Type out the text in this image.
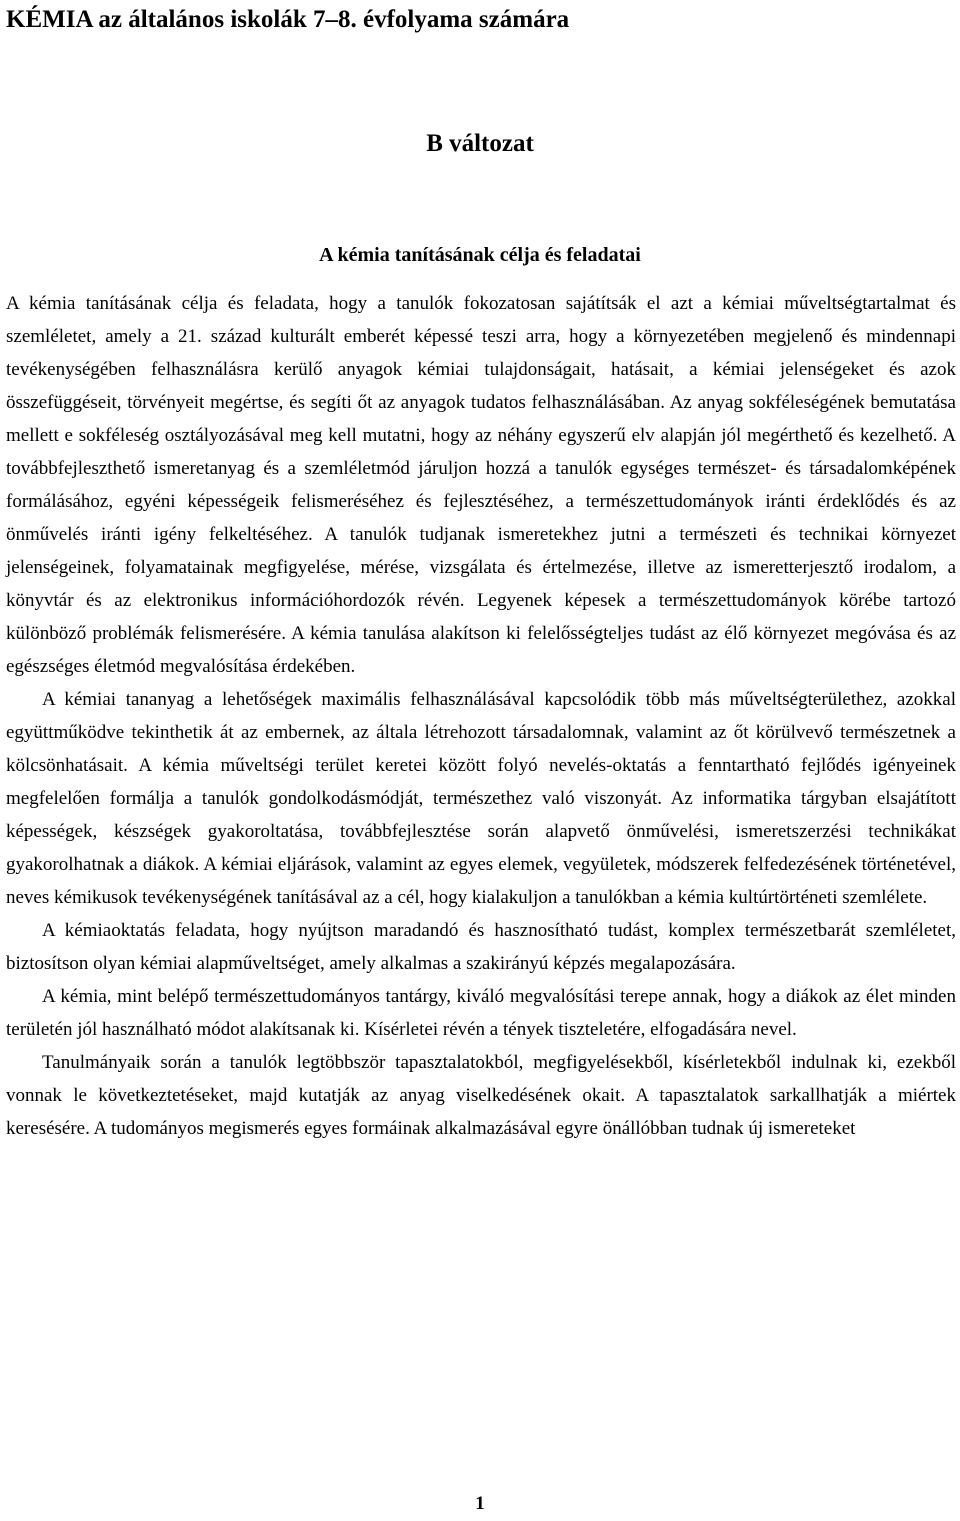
KÉMIA az általános iskolák 7–8. évfolyama számára
B változat
A kémia tanításának célja és feladatai

A kémia tanításának célja és feladata, hogy a tanulók fokozatosan sajátítsák el azt a kémiai műveltségtartalmat és szemléletet, amely a 21. század kulturált emberét képessé teszi arra, hogy a környezetében megjelenő és mindennapi tevékenységében felhasználásra kerülő anyagok kémiai tulajdonságait, hatásait, a kémiai jelenségeket és azok összefüggéseit, törvényeit megértse, és segíti őt az anyagok tudatos felhasználásában. Az anyag sokféleségének bemutatása mellett e sokféleség osztályozásával meg kell mutatni, hogy az néhány egyszerű elv alapján jól megérthető és kezelhető. A továbbfejleszthető ismeretanyag és a szemléletmód járuljon hozzá a tanulók egységes természet- és társadalomképének formálásához, egyéni képességeik felismeréséhez és fejlesztéséhez, a természettudományok iránti érdeklődés és az önművelés iránti igény felkeltéséhez. A tanulók tudjanak ismeretekhez jutni a természeti és technikai környezet jelenségeinek, folyamatainak megfigyelése, mérése, vizsgálata és értelmezése, illetve az ismeretterjesztő irodalom, a könyvtár és az elektronikus információhordozók révén. Legyenek képesek a természettudományok körébe tartozó különböző problémák felismerésére. A kémia tanulása alakítson ki felelősségteljes tudást az élő környezet megóvása és az egészséges életmód megvalósítása érdekében.

A kémiai tananyag a lehetőségek maximális felhasználásával kapcsolódik több más műveltségterülethez, azokkal együttműködve tekinthetik át az embernek, az általa létrehozott társadalomnak, valamint az őt körülvevő természetnek a kölcsönhatásait. A kémia műveltségi terület keretei között folyó nevelés-oktatás a fenntartható fejlődés igényeinek megfelelően formálja a tanulók gondolkodásmódját, természethez való viszonyát. Az informatika tárgyban elsajátított képességek, készségek gyakoroltatása, továbbfejlesztése során alapvető önművelési, ismeretszerzési technikákat gyakorolhatnak a diákok. A kémiai eljárások, valamint az egyes elemek, vegyületek, módszerek felfedezésének történetével, neves kémikusok tevékenységének tanításával az a cél, hogy kialakuljon a tanulókban a kémia kultúrtörténeti szemlélete.

A kémiaoktatás feladata, hogy nyújtson maradandó és hasznosítható tudást, komplex természetbarát szemléletet, biztosítson olyan kémiai alapműveltséget, amely alkalmas a szakirányú képzés megalapozására.

A kémia, mint belépő természettudományos tantárgy, kiváló megvalósítási terepe annak, hogy a diákok az élet minden területén jól használható módot alakítsanak ki. Kísérletei révén a tények tiszteletére, elfogadására nevel.

Tanulmányaik során a tanulók legtöbbször tapasztalatokból, megfigyelésekből, kísérletekből indulnak ki, ezekből vonnak le következtetéseket, majd kutatják az anyag viselkedésének okait. A tapasztalatok sarkallhatják a miértek keresésére. A tudományos megismerés egyes formáinak alkalmazásával egyre önállóbban tudnak új ismereteket

1
